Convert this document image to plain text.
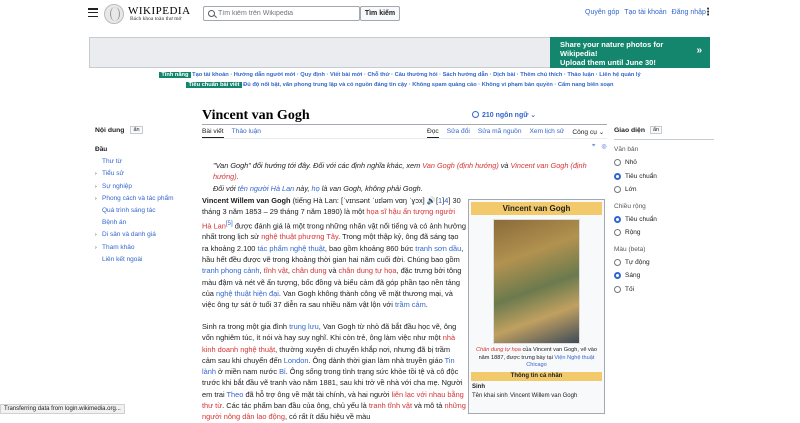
WIKIPEDIA
Bách khoa toàn thư mở
Tìm kiếm trên Wikipedia
Tìm kiếm	Quyên góp Tạo tài khoản Đăng nhập
⋮
Share your nature photos for
Wikipedia!
Upload them until June 30!
»
Tính năng Tạo tài khoản · Hướng dẫn người mới · Quy định · Viết bài mới · Chỗ thử · Câu thường hỏi · Sách hướng dẫn · Dịch bài · Thêm chú thích · Thảo luận · Liên hệ quản lý
Tiêu chuẩn bài viết Đủ độ nổi bật, văn phong trung lập và có nguồn đáng tin cậy · Không spam quảng cáo · Không vi phạm bản quyền · Cẩm nang biên soạn
Nội dung	ẩn
Đầu
Thư từ
› Tiểu sử
› Sự nghiệp
› Phong cách và tác phẩm
Quá trình sáng tác
Bệnh án
› Di sản và danh giá
› Tham khảo
Liên kết ngoài
Vincent van Gogh	210 ngôn ngữ ⌄
Bài viết Thảo luận	Đọc Sửa đổi Sửa mã nguồn Xem lịch sử Công cụ ⌄
⌖ ◎
"Van Gogh" đổi hướng tới đây. Đối với các định nghĩa khác, xem Van Gogh (định hướng) và Vincent van Gogh (định hướng).
Đối với tên người Hà Lan này, họ là van Gogh, không phải Gogh.

Vincent Willem van Gogh (tiếng Hà Lan: [ˈvɪnsənt ˈʋɪləm vɑŋ ˈɣɔx] 🔊[1]4] 30 tháng 3 năm 1853 – 29 tháng 7 năm 1890) là một họa sĩ hậu ấn tượng người Hà Lan[5] được đánh giá là một trong những nhân vật nổi tiếng và có ảnh hưởng nhất trong lịch sử nghệ thuật phương Tây. Trong một thập kỷ, ông đã sáng tạo ra khoảng 2.100 tác phẩm nghệ thuật, bao gồm khoảng 860 bức tranh sơn dầu, hầu hết đều được vẽ trong khoảng thời gian hai năm cuối đời. Chúng bao gồm tranh phong cảnh, tĩnh vật, chân dung và chân dung tự họa, đặc trưng bởi tông màu đậm và nét vẽ ấn tượng, bốc đồng và biểu cảm đã góp phần tạo nền tảng của nghệ thuật hiện đại. Van Gogh không thành công về mặt thương mại, và việc ông tự sát ở tuổi 37 diễn ra sau nhiều năm vật lộn với trầm cảm.

Sinh ra trong một gia đình trung lưu, Van Gogh từ nhỏ đã bắt đầu học vẽ, ông vốn nghiêm túc, ít nói và hay suy nghĩ. Khi còn trẻ, ông làm việc như một nhà kinh doanh nghệ thuật, thường xuyên di chuyển khắp nơi, nhưng đã bị trầm cảm sau khi chuyển đến London. Ông dành thời gian làm nhà truyền giáo Tin lành ở miền nam nước Bỉ. Ông sống trong tình trạng sức khỏe tồi tệ và cô độc trước khi bắt đầu vẽ tranh vào năm 1881, sau khi trở về nhà với cha mẹ. Người em trai Theo đã hỗ trợ ông về mặt tài chính, và hai người liên lạc với nhau bằng thư từ. Các tác phẩm ban đầu của ông, chủ yếu là tranh tĩnh vật và mô tả những người nông dân lao động, có rất ít dấu hiệu về màu

Vincent van Gogh
Chân dung tự họa của Vincent van Gogh, vẽ vào năm 1887, được trưng bày tại Viện Nghệ thuật Chicago
Thông tin cá nhân
Sinh
Tên khai sinh Vincent Willem van Gogh
Giao diện	ẩn
Văn bản
Nhỏ
Tiêu chuẩn
Lớn
Chiều rộng
Tiêu chuẩn
Rộng
Màu (beta)
Tự động
Sáng
Tối
Transferring data from login.wikimedia.org...
